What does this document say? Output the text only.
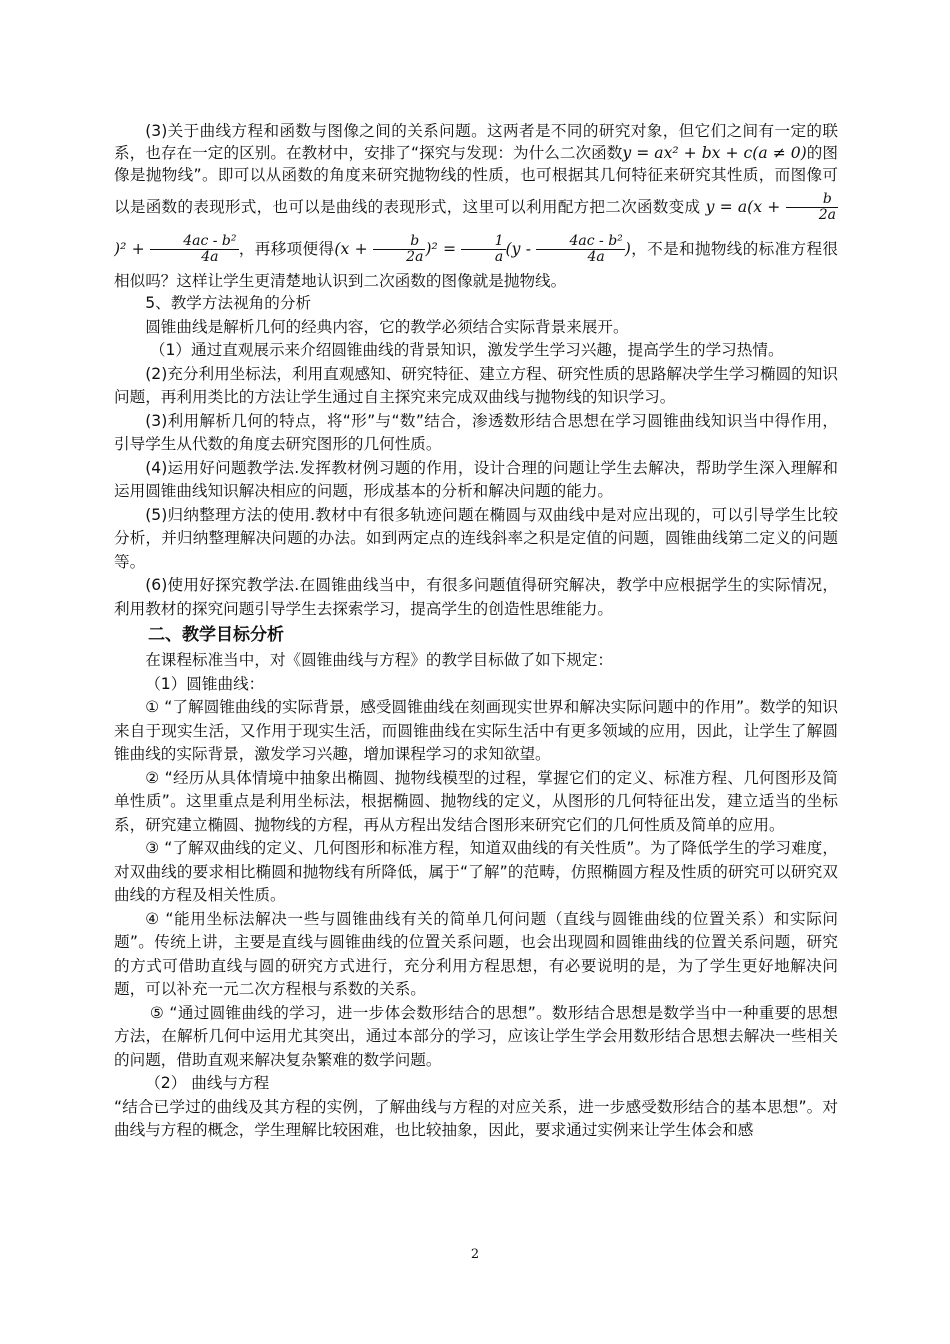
(3)关于曲线方程和函数与图像之间的关系问题。这两者是不同的研究对象，但它们之间有一定的联系，也存在一定的区别。在教材中，安排了“探究与发现：为什么二次函数y = ax² + bx + c(a ≠ 0)的图像是抛物线”。即可以从函数的角度来研究抛物线的性质，也可根据其几何特征来研究其性质，而图像可以是函数的表现形式，也可以是曲线的表现形式，这里可以利用配方把二次函数变成 $y = a(x + \frac{b}{2a}$
)$^2 + \frac{\text{4ac - b²}}{4a}$ ，再移项便得$(x + \frac{b}{2a} )^2 = \frac{1}{a} (y - \frac{\text{4ac - b²}}{4a}$ )，不是和抛物线的标准方程很相似吗？这样让学生更清楚地认识到二次函数的图像就是抛物线。

5、教学方法视角的分析

圆锥曲线是解析几何的经典内容，它的教学必须结合实际背景来展开。

（1）通过直观展示来介绍圆锥曲线的背景知识，激发学生学习兴趣，提高学生的学习热情。

(2)充分利用坐标法，利用直观感知、研究特征、建立方程、研究性质的思路解决学生学习椭圆的知识问题，再利用类比的方法让学生通过自主探究来完成双曲线与抛物线的知识学习。

(3)利用解析几何的特点，将“形”与“数”结合，渗透数形结合思想在学习圆锥曲线知识当中得作用，引导学生从代数的角度去研究图形的几何性质。

(4)运用好问题教学法.发挥教材例习题的作用，设计合理的问题让学生去解决，帮助学生深入理解和运用圆锥曲线知识解决相应的问题，形成基本的分析和解决问题的能力。

(5)归纳整理方法的使用.教材中有很多轨迹问题在椭圆与双曲线中是对应出现的，可以引导学生比较分析，并归纳整理解决问题的办法。如到两定点的连线斜率之积是定值的问题，圆锥曲线第二定义的问题等。

(6)使用好探究教学法.在圆锥曲线当中，有很多问题值得研究解决，教学中应根据学生的实际情况，利用教材的探究问题引导学生去探索学习，提高学生的创造性思维能力。

二、教学目标分析

在课程标准当中，对《圆锥曲线与方程》的教学目标做了如下规定：

（1）圆锥曲线：

① “了解圆锥曲线的实际背景，感受圆锥曲线在刻画现实世界和解决实际问题中的作用”。数学的知识来自于现实生活，又作用于现实生活，而圆锥曲线在实际生活中有更多领域的应用，因此，让学生了解圆锥曲线的实际背景，激发学习兴趣，增加课程学习的求知欲望。

② “经历从具体情境中抽象出椭圆、抛物线模型的过程，掌握它们的定义、标准方程、几何图形及简单性质”。这里重点是利用坐标法，根据椭圆、抛物线的定义，从图形的几何特征出发，建立适当的坐标系，研究建立椭圆、抛物线的方程，再从方程出发结合图形来研究它们的几何性质及简单的应用。

③ “了解双曲线的定义、几何图形和标准方程，知道双曲线的有关性质”。为了降低学生的学习难度，对双曲线的要求相比椭圆和抛物线有所降低，属于“了解”的范畴，仿照椭圆方程及性质的研究可以研究双曲线的方程及相关性质。

④ “能用坐标法解决一些与圆锥曲线有关的简单几何问题（直线与圆锥曲线的位置关系）和实际问题”。传统上讲，主要是直线与圆锥曲线的位置关系问题，也会出现圆和圆锥曲线的位置关系问题，研究的方式可借助直线与圆的研究方式进行，充分利用方程思想，有必要说明的是，为了学生更好地解决问题，可以补充一元二次方程根与系数的关系。

⑤ “通过圆锥曲线的学习，进一步体会数形结合的思想”。数形结合思想是数学当中一种重要的思想方法，在解析几何中运用尤其突出，通过本部分的学习，应该让学生学会用数形结合思想去解决一些相关的问题，借助直观来解决复杂繁难的数学问题。

（2） 曲线与方程

“结合已学过的曲线及其方程的实例，了解曲线与方程的对应关系，进一步感受数形结合的基本思想”。对曲线与方程的概念，学生理解比较困难，也比较抽象，因此，要求通过实例来让学生体会和感

2
